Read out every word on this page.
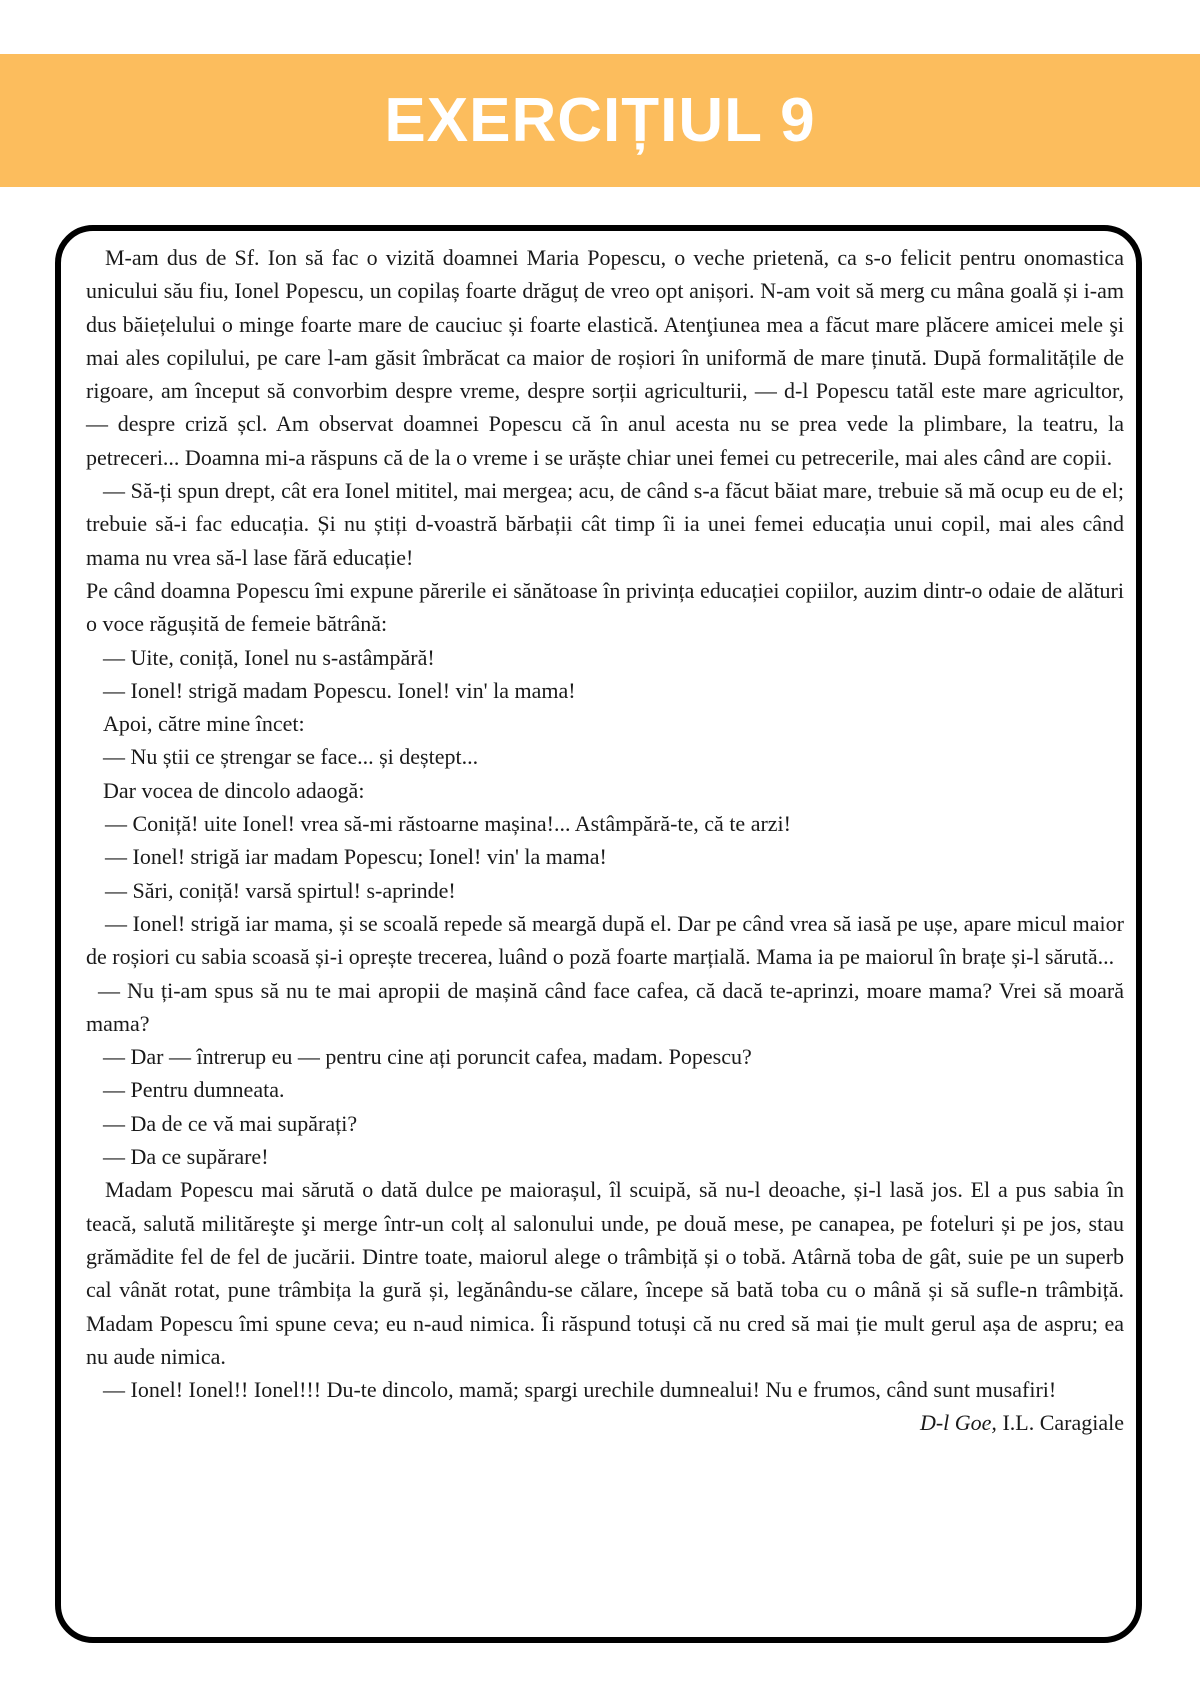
EXERCIȚIUL 9

M-am dus de Sf. Ion să fac o vizită doamnei Maria Popescu, o veche prietenă, ca s-o felicit pentru onomastica unicului său fiu, Ionel Popescu, un copilaș foarte drăguț de vreo opt anișori. N-am voit să merg cu mâna goală și i-am dus băiețelului o minge foarte mare de cauciuc și foarte elastică. Atenţiunea mea a făcut mare plăcere amicei mele şi mai ales copilului, pe care l-am găsit îmbrăcat ca maior de roșiori în uniformă de mare ținută. După formalitățile de rigoare, am început să convorbim despre vreme, despre sorții agriculturii, — d-l Popescu tatăl este mare agricultor, — despre criză șcl. Am observat doamnei Popescu că în anul acesta nu se prea vede la plimbare, la teatru, la petreceri... Doamna mi-a răspuns că de la o vreme i se urăște chiar unei femei cu petrecerile, mai ales când are copii.

— Să-ți spun drept, cât era Ionel mititel, mai mergea; acu, de când s-a făcut băiat mare, trebuie să mă ocup eu de el; trebuie să-i fac educația. Și nu știți d-voastră bărbații cât timp îi ia unei femei educația unui copil, mai ales când mama nu vrea să-l lase fără educație!

Pe când doamna Popescu îmi expune părerile ei sănătoase în privința educației copiilor, auzim dintr-o odaie de alături o voce răgușită de femeie bătrână:

— Uite, coniță, Ionel nu s-astâmpără!

— Ionel! strigă madam Popescu. Ionel! vin' la mama!

Apoi, către mine încet:

— Nu știi ce ștrengar se face... și deștept...

Dar vocea de dincolo adaogă:

— Coniță! uite Ionel! vrea să-mi răstoarne mașina!... Astâmpără-te, că te arzi!

— Ionel! strigă iar madam Popescu; Ionel! vin' la mama!

— Sări, coniță! varsă spirtul! s-aprinde!

— Ionel! strigă iar mama, și se scoală repede să meargă după el. Dar pe când vrea să iasă pe ușe, apare micul maior de roșiori cu sabia scoasă și-i oprește trecerea, luând o poză foarte marțială. Mama ia pe maiorul în brațe și-l sărută...

— Nu ți-am spus să nu te mai apropii de mașină când face cafea, că dacă te-aprinzi, moare mama? Vrei să moară mama?

— Dar — întrerup eu — pentru cine ați poruncit cafea, madam. Popescu?

— Pentru dumneata.

— Da de ce vă mai supărați?

— Da ce supărare!

Madam Popescu mai sărută o dată dulce pe maiorașul, îl scuipă, să nu-l deoache, și-l lasă jos. El a pus sabia în teacă, salută milităreşte şi merge într-un colț al salonului unde, pe două mese, pe canapea, pe foteluri și pe jos, stau grămădite fel de fel de jucării. Dintre toate, maiorul alege o trâmbiță și o tobă. Atârnă toba de gât, suie pe un superb cal vânăt rotat, pune trâmbița la gură și, legănându-se călare, începe să bată toba cu o mână și să sufle-n trâmbiță. Madam Popescu îmi spune ceva; eu n-aud nimica. Îi răspund totuși că nu cred să mai ție mult gerul așa de aspru; ea nu aude nimica.

— Ionel! Ionel!! Ionel!!! Du-te dincolo, mamă; spargi urechile dumnealui! Nu e frumos, când sunt musafiri!

D-l Goe, I.L. Caragiale
